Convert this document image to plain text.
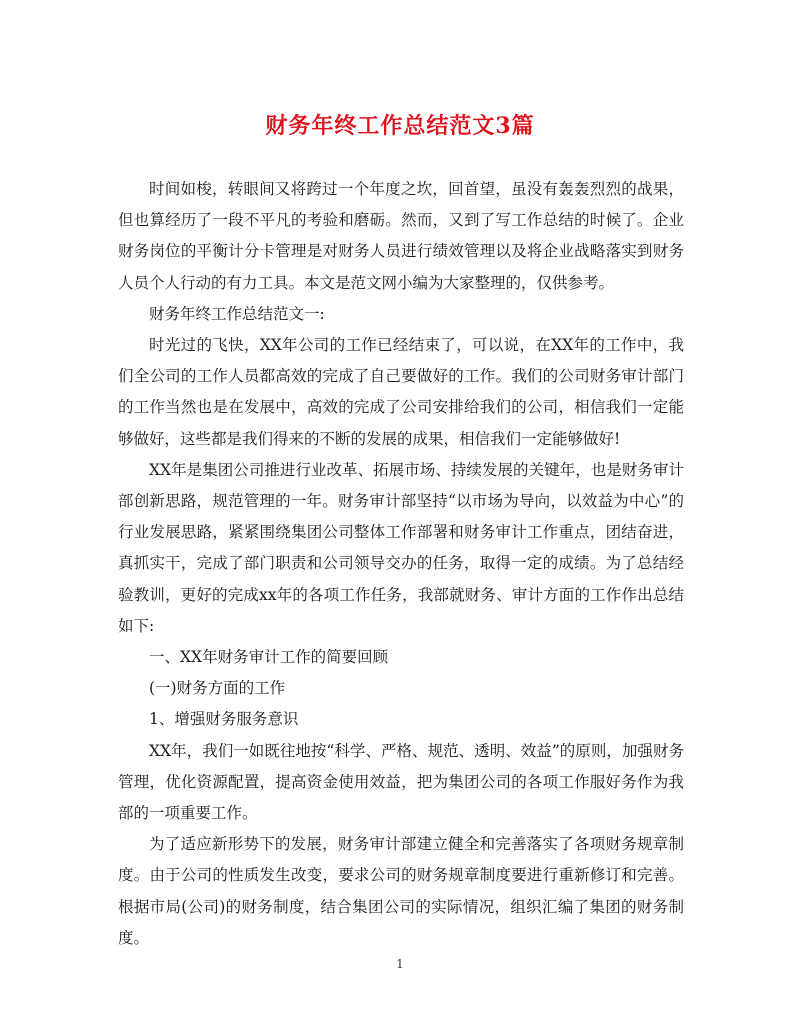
财务年终工作总结范文3篇

时间如梭，转眼间又将跨过一个年度之坎，回首望，虽没有轰轰烈烈的战果，但也算经历了一段不平凡的考验和磨砺。然而，又到了写工作总结的时候了。企业财务岗位的平衡计分卡管理是对财务人员进行绩效管理以及将企业战略落实到财务人员个人行动的有力工具。本文是范文网小编为大家整理的，仅供参考。

财务年终工作总结范文一:

时光过的飞快，XX年公司的工作已经结束了，可以说，在XX年的工作中，我们全公司的工作人员都高效的完成了自己要做好的工作。我们的公司财务审计部门的工作当然也是在发展中，高效的完成了公司安排给我们的公司，相信我们一定能够做好，这些都是我们得来的不断的发展的成果，相信我们一定能够做好!

XX年是集团公司推进行业改革、拓展市场、持续发展的关键年，也是财务审计部创新思路，规范管理的一年。财务审计部坚持“以市场为导向，以效益为中心”的行业发展思路，紧紧围绕集团公司整体工作部署和财务审计工作重点，团结奋进，真抓实干，完成了部门职责和公司领导交办的任务，取得一定的成绩。为了总结经验教训，更好的完成xx年的各项工作任务，我部就财务、审计方面的工作作出总结如下:

一、XX年财务审计工作的简要回顾

(一)财务方面的工作

1、增强财务服务意识

XX年，我们一如既往地按“科学、严格、规范、透明、效益”的原则，加强财务管理，优化资源配置，提高资金使用效益，把为集团公司的各项工作服好务作为我部的一项重要工作。

为了适应新形势下的发展，财务审计部建立健全和完善落实了各项财务规章制度。由于公司的性质发生改变，要求公司的财务规章制度要进行重新修订和完善。根据市局(公司)的财务制度，结合集团公司的实际情况，组织汇编了集团的财务制度。

1
